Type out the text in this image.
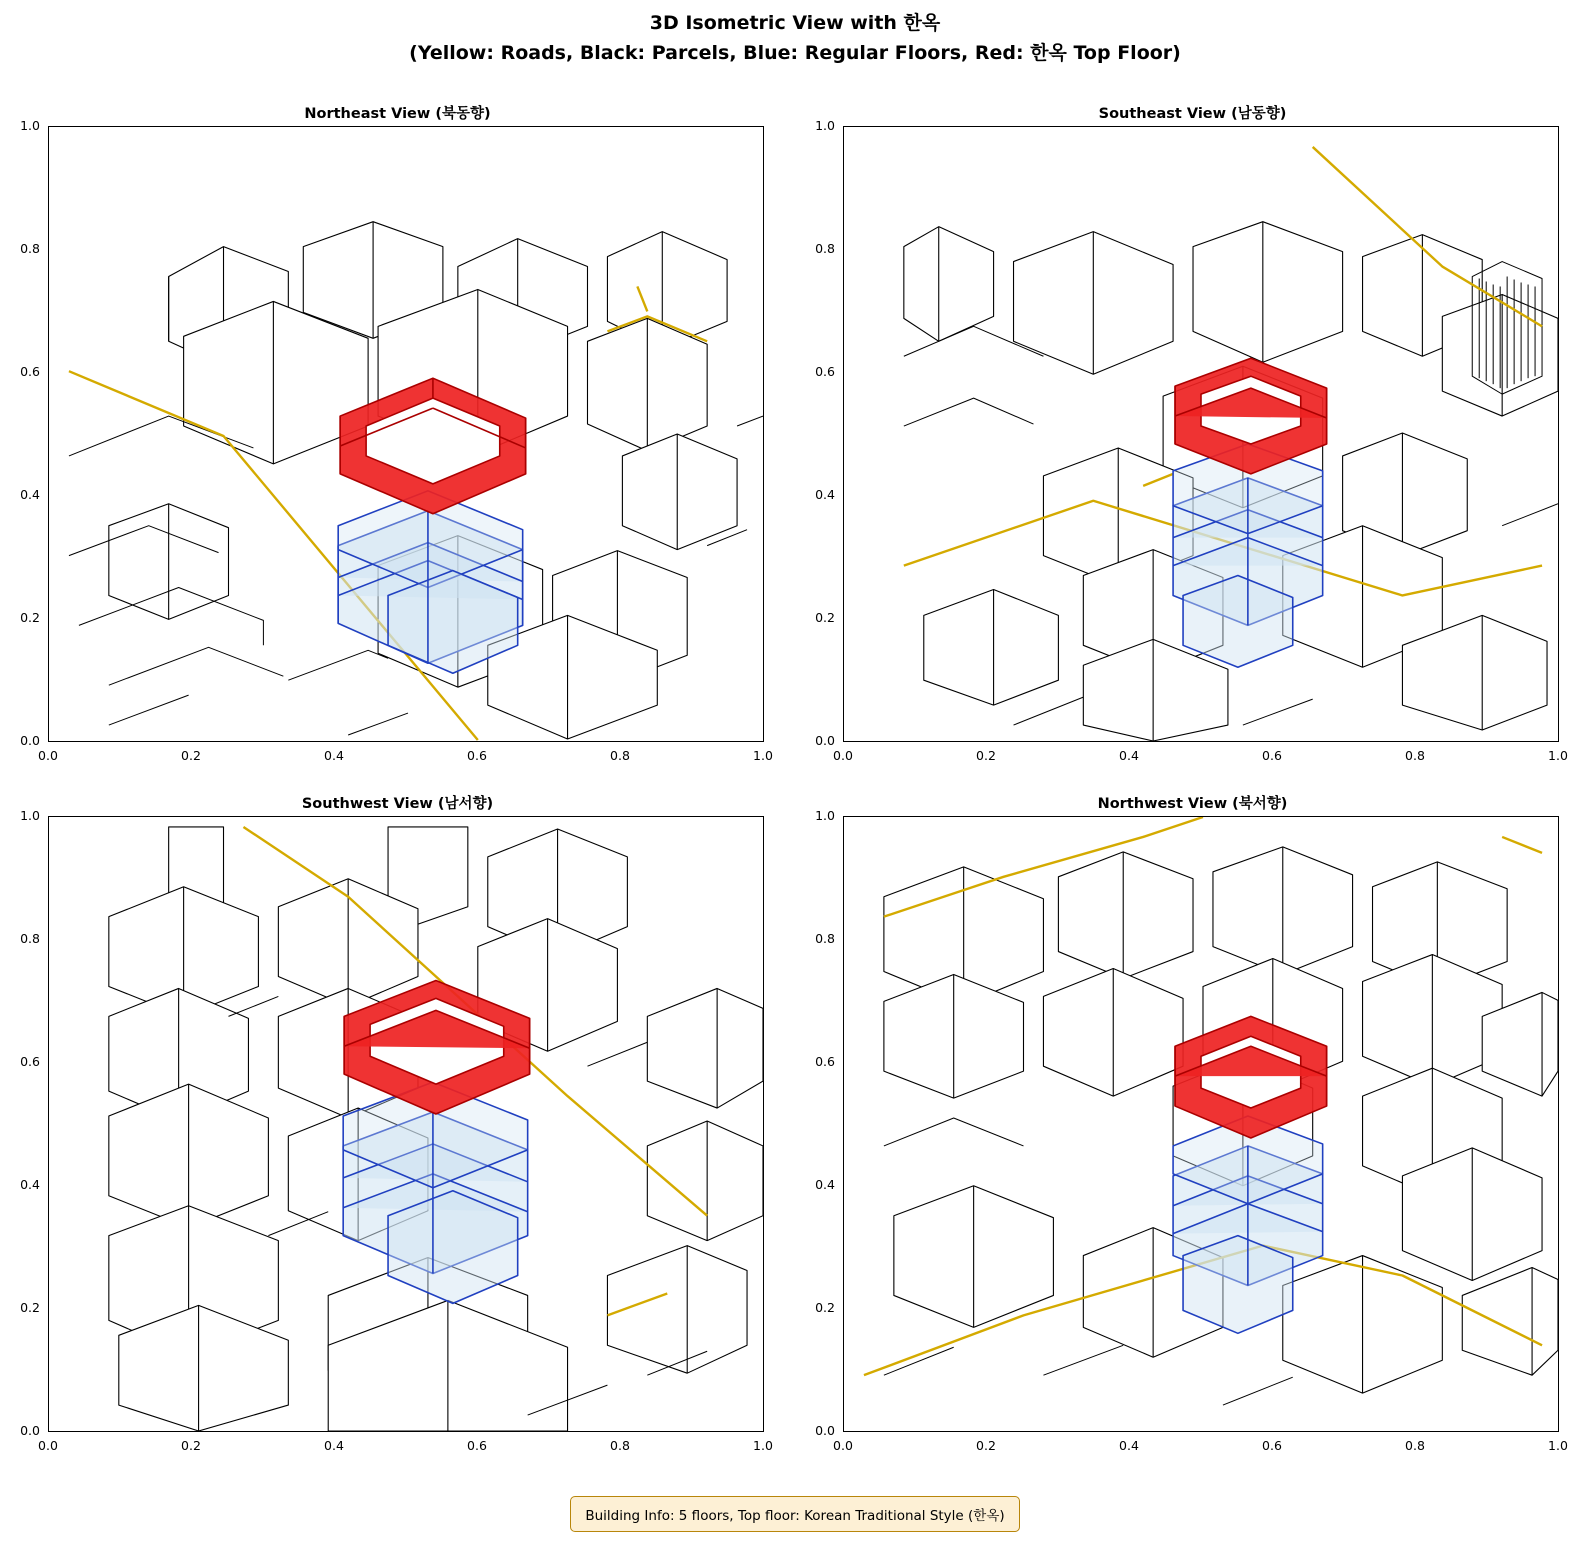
3D Isometric View with 한옥
(Yellow: Roads, Black: Parcels, Blue: Regular Floors, Red: 한옥 Top Floor)
Northeast View (북동향)
1.0
0.8
0.6
0.4
0.2
0.0
0.0	0.2	0.4	0.6	0.8	1.0
Southeast View (남동향)
1.0
0.8
0.6
0.4
0.2
0.0
0.0	0.2	0.4	0.6	0.8	1.0
Southwest View (남서향)
1.0
0.8
0.6
0.4
0.2
0.0
0.0	0.2	0.4	0.6	0.8	1.0
Northwest View (북서향)
1.0
0.8
0.6
0.4
0.2
0.0
0.0	0.2	0.4	0.6	0.8	1.0
Building Info: 5 floors, Top floor: Korean Traditional Style (한옥)
